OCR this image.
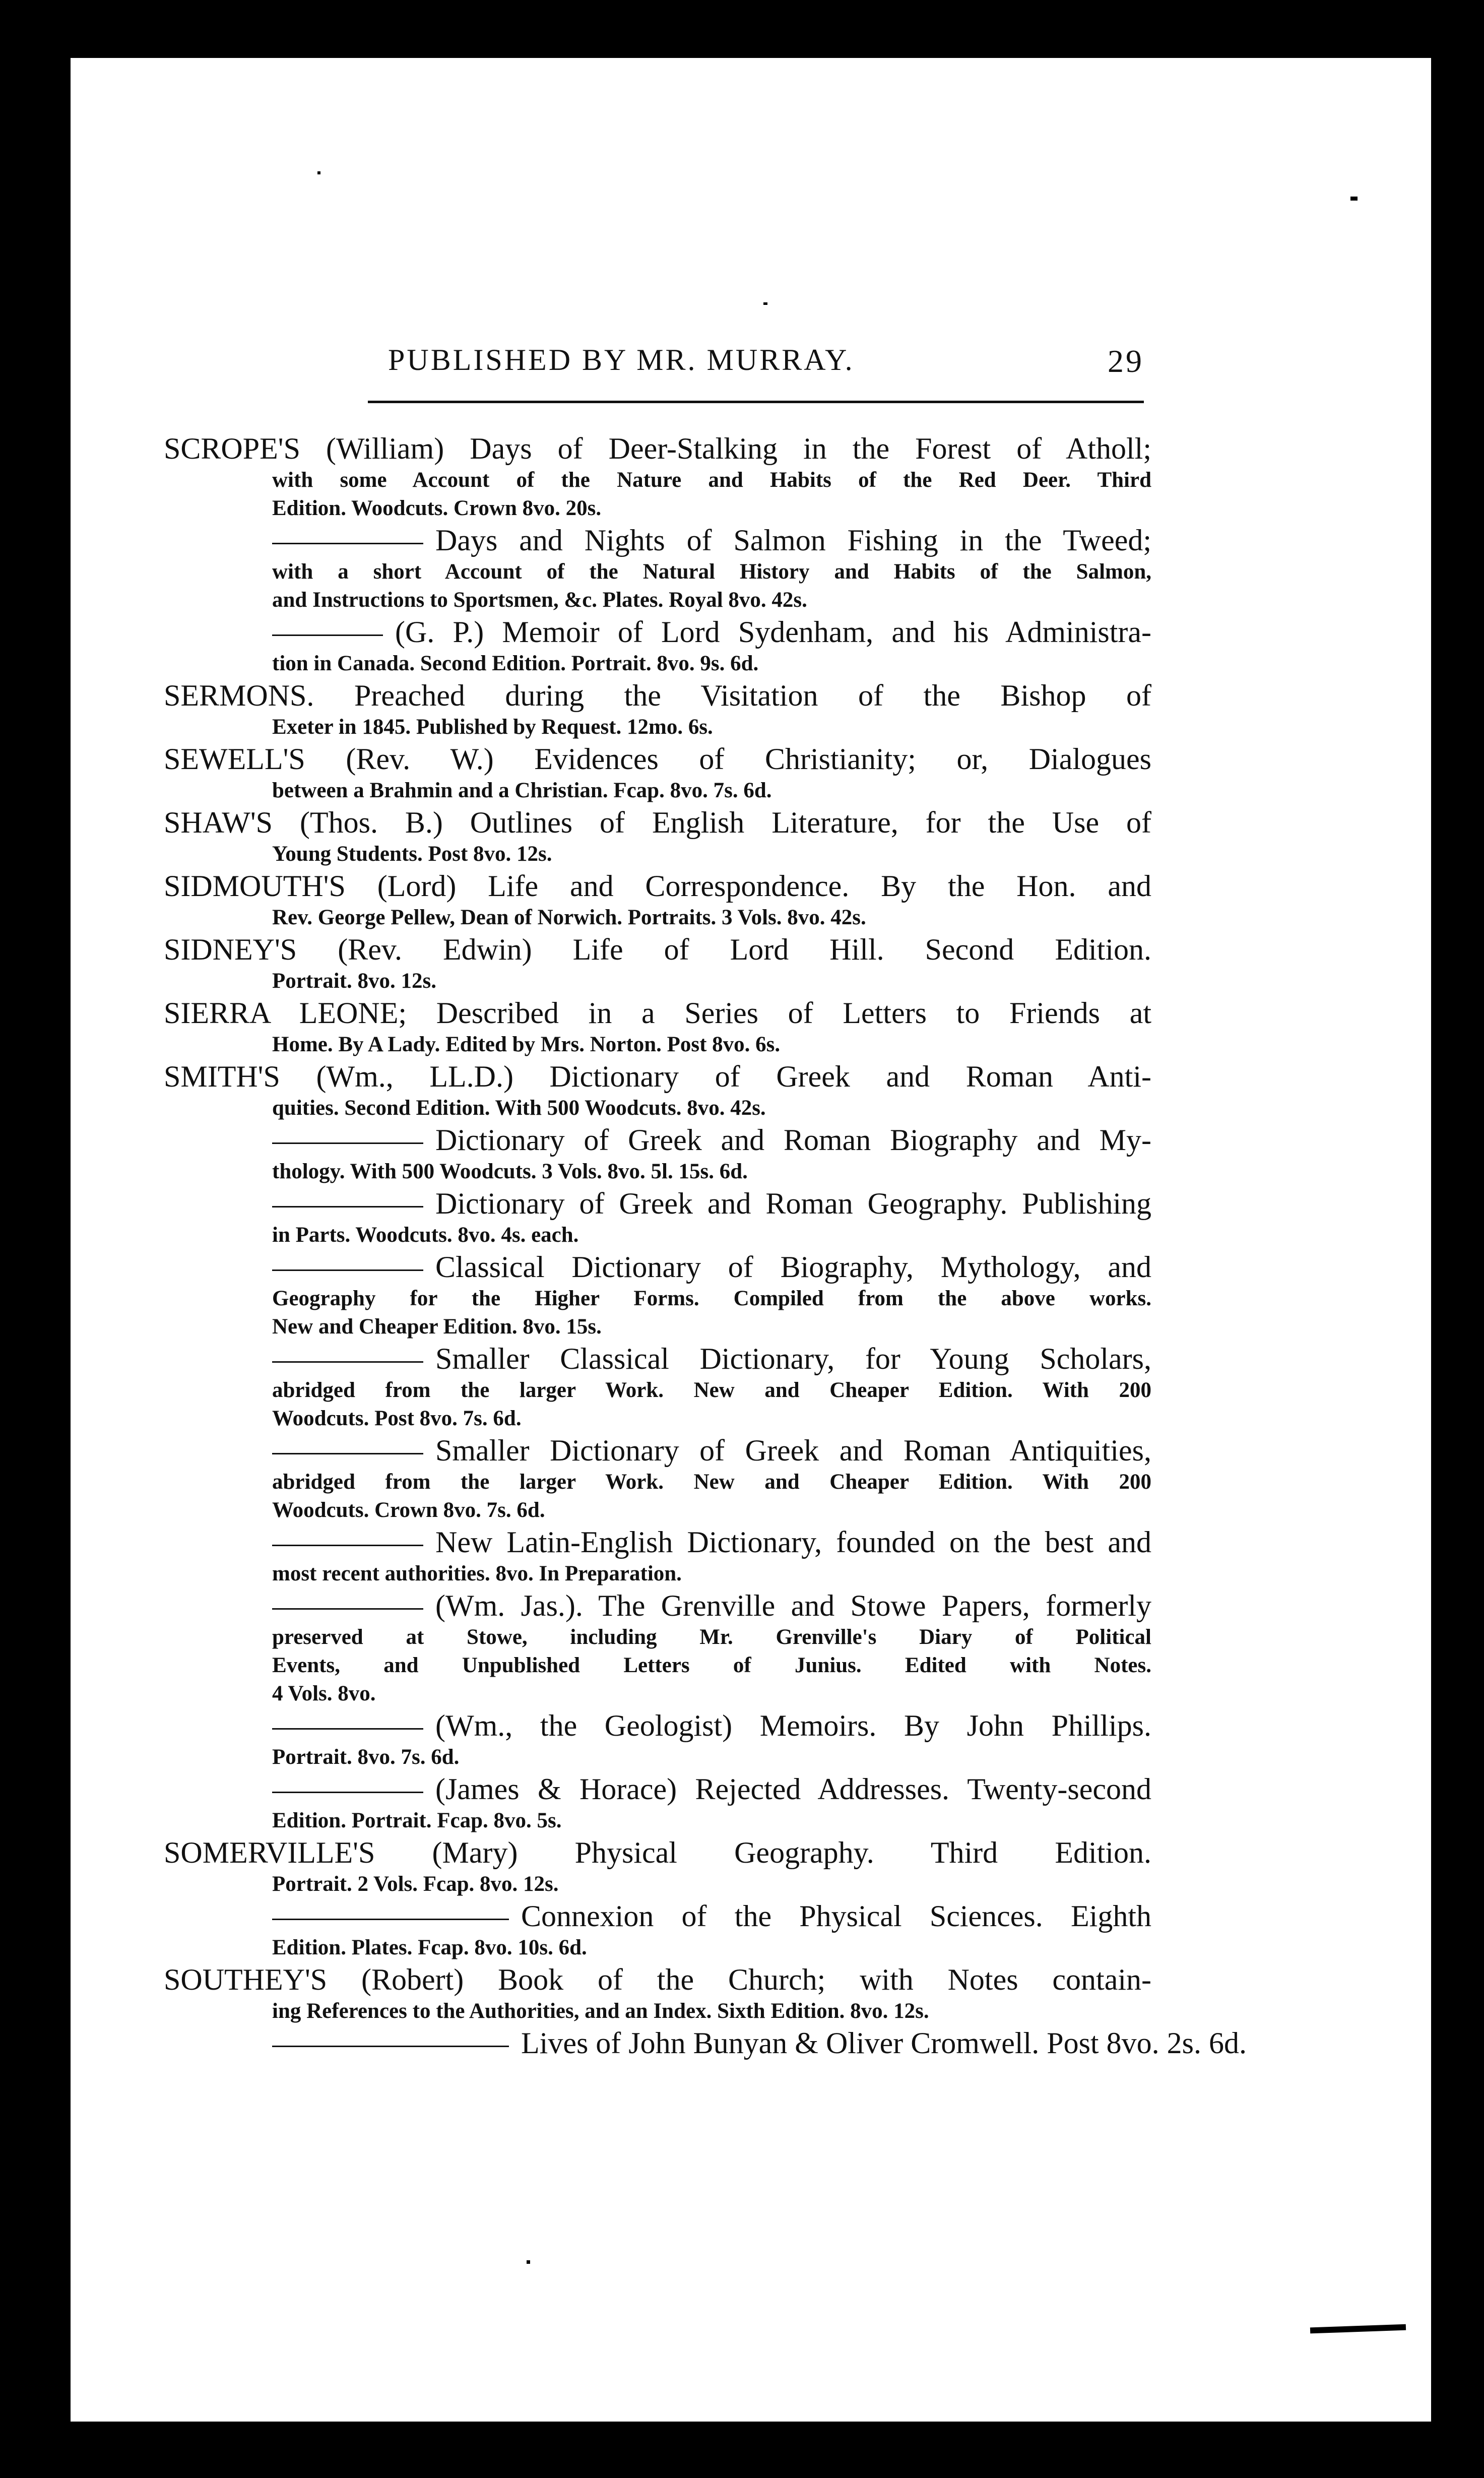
PUBLISHED BY MR. MURRAY.	29
SCROPE'S (William) Days of Deer-Stalking in the Forest of Atholl;
with some Account of the Nature and Habits of the Red Deer. Third
Edition. Woodcuts. Crown 8vo. 20s.
Days and Nights of Salmon Fishing in the Tweed;
with a short Account of the Natural History and Habits of the Salmon,
and Instructions to Sportsmen, &c. Plates. Royal 8vo. 42s.
(G. P.) Memoir of Lord Sydenham, and his Administra-
tion in Canada. Second Edition. Portrait. 8vo. 9s. 6d.
SERMONS. Preached during the Visitation of the Bishop of
Exeter in 1845. Published by Request. 12mo. 6s.
SEWELL'S (Rev. W.) Evidences of Christianity; or, Dialogues
between a Brahmin and a Christian. Fcap. 8vo. 7s. 6d.
SHAW'S (Thos. B.) Outlines of English Literature, for the Use of
Young Students. Post 8vo. 12s.
SIDMOUTH'S (Lord) Life and Correspondence. By the Hon. and
Rev. George Pellew, Dean of Norwich. Portraits. 3 Vols. 8vo. 42s.
SIDNEY'S (Rev. Edwin) Life of Lord Hill. Second Edition.
Portrait. 8vo. 12s.
SIERRA LEONE; Described in a Series of Letters to Friends at
Home. By A Lady. Edited by Mrs. Norton. Post 8vo. 6s.
SMITH'S (Wm., LL.D.) Dictionary of Greek and Roman Anti-
quities. Second Edition. With 500 Woodcuts. 8vo. 42s.
Dictionary of Greek and Roman Biography and My-
thology. With 500 Woodcuts. 3 Vols. 8vo. 5l. 15s. 6d.
Dictionary of Greek and Roman Geography. Publishing
in Parts. Woodcuts. 8vo. 4s. each.
Classical Dictionary of Biography, Mythology, and
Geography for the Higher Forms. Compiled from the above works.
New and Cheaper Edition. 8vo. 15s.
Smaller Classical Dictionary, for Young Scholars,
abridged from the larger Work. New and Cheaper Edition. With 200
Woodcuts. Post 8vo. 7s. 6d.
Smaller Dictionary of Greek and Roman Antiquities,
abridged from the larger Work. New and Cheaper Edition. With 200
Woodcuts. Crown 8vo. 7s. 6d.
New Latin-English Dictionary, founded on the best and
most recent authorities. 8vo. In Preparation.
(Wm. Jas.). The Grenville and Stowe Papers, formerly
preserved at Stowe, including Mr. Grenville's Diary of Political
Events, and Unpublished Letters of Junius. Edited with Notes.
4 Vols. 8vo.
(Wm., the Geologist) Memoirs. By John Phillips.
Portrait. 8vo. 7s. 6d.
(James & Horace) Rejected Addresses. Twenty-second
Edition. Portrait. Fcap. 8vo. 5s.
SOMERVILLE'S (Mary) Physical Geography. Third Edition.
Portrait. 2 Vols. Fcap. 8vo. 12s.
Connexion of the Physical Sciences. Eighth
Edition. Plates. Fcap. 8vo. 10s. 6d.
SOUTHEY'S (Robert) Book of the Church; with Notes contain-
ing References to the Authorities, and an Index. Sixth Edition. 8vo. 12s.
Lives of John Bunyan & Oliver Cromwell. Post 8vo. 2s. 6d.
